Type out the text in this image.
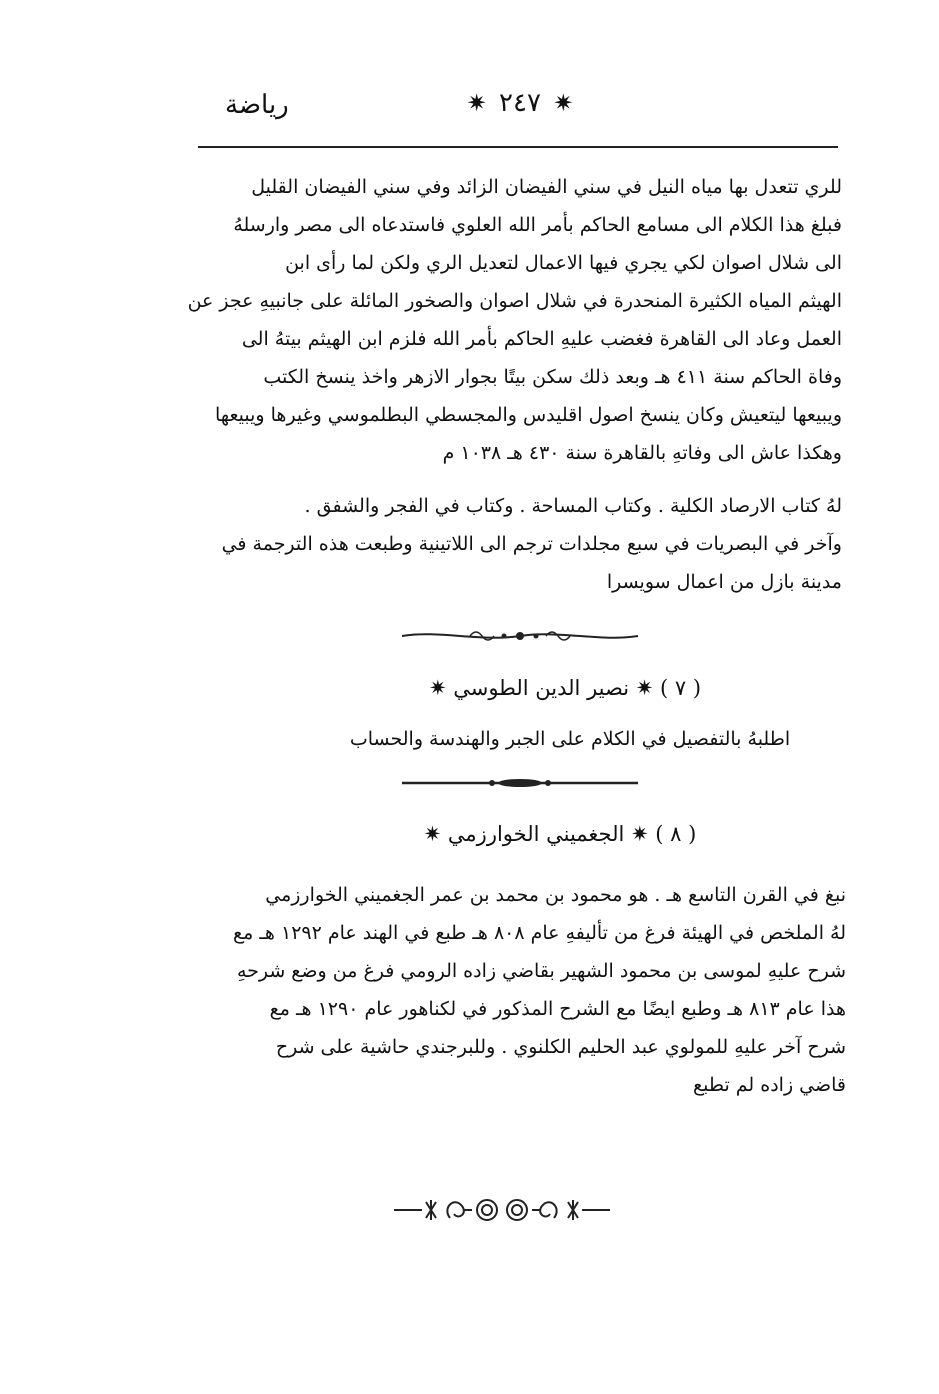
رياضة	✷ ٢٤٧ ✷
للري تتعدل بها مياه النيل في سني الفيضان الزائد وفي سني الفيضان القليل
فبلغ هذا الكلام الى مسامع الحاكم بأمر الله العلوي فاستدعاه الى مصر وارسلهُ
الى شلال اصوان لكي يجري فيها الاعمال لتعديل الري ولكن لما رأى ابن
الهيثم المياه الكثيرة المنحدرة في شلال اصوان والصخور المائلة على جانبيهِ عجز عن
العمل وعاد الى القاهرة فغضب عليهِ الحاكم بأمر الله فلزم ابن الهيثم بيتهُ الى
وفاة الحاكم سنة ٤١١ هـ وبعد ذلك سكن بيتًا بجوار الازهر واخذ ينسخ الكتب
ويبيعها ليتعيش وكان ينسخ اصول اقليدس والمجسطي البطلموسي وغيرها ويبيعها
وهكذا عاش الى وفاتهِ بالقاهرة سنة ٤٣٠ هـ ١٠٣٨ م
لهُ كتاب الارصاد الكلية . وكتاب المساحة . وكتاب في الفجر والشفق .
وآخر في البصريات في سبع مجلدات ترجم الى اللاتينية وطبعت هذه الترجمة في
مدينة بازل من اعمال سويسرا
( ٧ ) ✷ نصير الدين الطوسي ✷
اطلبهُ بالتفصيل في الكلام على الجبر والهندسة والحساب
( ٨ ) ✷ الجغميني الخوارزمي ✷
نبغ في القرن التاسع هـ . هو محمود بن محمد بن عمر الجغميني الخوارزمي
لهُ الملخص في الهيئة فرغ من تأليفهِ عام ٨٠٨ هـ طبع في الهند عام ١٢٩٢ هـ مع
شرح عليهِ لموسى بن محمود الشهير بقاضي زاده الرومي فرغ من وضع شرحهِ
هذا عام ٨١٣ هـ وطبع ايضًا مع الشرح المذكور في لكناهور عام ١٢٩٠ هـ مع
شرح آخر عليهِ للمولوي عبد الحليم الكلنوي . وللبرجندي حاشية على شرح
قاضي زاده لم تطبع
